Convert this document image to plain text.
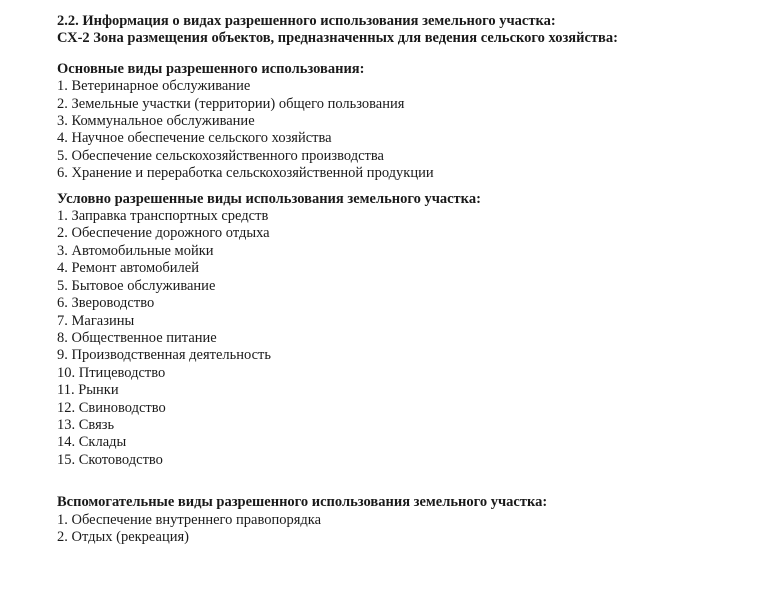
2.2. Информация о видах разрешенного использования земельного участка:

СХ-2 Зона размещения объектов, предназначенных для ведения сельского хозяйства:

Основные виды разрешенного использования:

1. Ветеринарное обслуживание
2. Земельные участки (территории) общего пользования
3. Коммунальное обслуживание
4. Научное обеспечение сельского хозяйства
5. Обеспечение сельскохозяйственного производства
6. Хранение и переработка сельскохозяйственной продукции

Условно разрешенные виды использования земельного участка:

1. Заправка транспортных средств
2. Обеспечение дорожного отдыха
3. Автомобильные мойки
4. Ремонт автомобилей
5. Бытовое обслуживание
6. Звероводство
7. Магазины
8. Общественное питание
9. Производственная деятельность
10. Птицеводство
11. Рынки
12. Свиноводство
13. Связь
14. Склады
15. Скотоводство

Вспомогательные виды разрешенного использования земельного участка:

1. Обеспечение внутреннего правопорядка
2. Отдых (рекреация)
